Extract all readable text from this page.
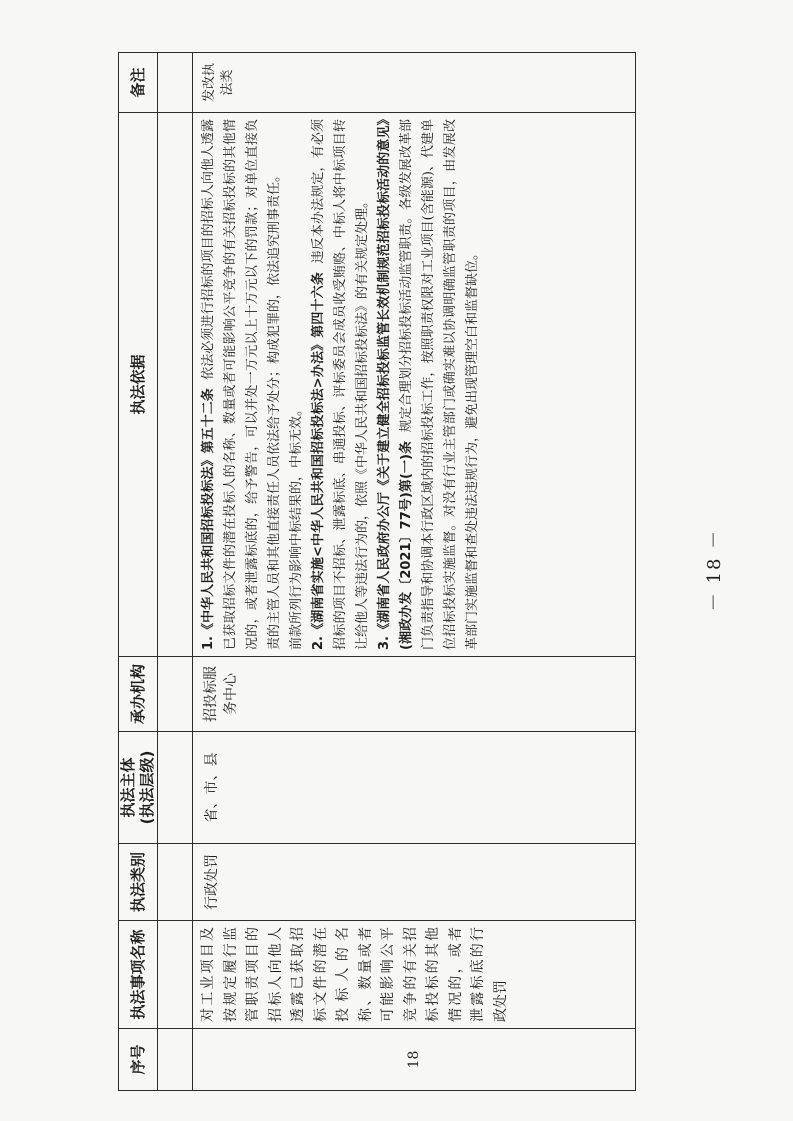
序号	执法事项名称	执法类别	执法主体 (执法层级)	承办机构	执法依据	备注

18	对工业项目及按规定履行监管职责项目的招标人向他人透露已获取招标文件的潜在投标人的名称、数量或者可能影响公平竞争的有关招标投标的其他情况的，或者泄露标底的行政处罚	行政处罚	省、市、县	招投标服务中心	1.《中华人民共和国招标投标法》第五十二条  依法必须进行招标的项目的招标人向他人透露已获取招标文件的潜在投标人的名称、数量或者可能影响公平竞争的有关招标投标的其他情况的，或者泄露标底的，给予警告，可以并处一万元以上十万元以下的罚款；对单位直接负责的主管人员和其他直接责任人员依法给予处分；构成犯罪的，依法追究刑事责任。 前款所列行为影响中标结果的，中标无效。 2.《湖南省实施<中华人民共和国招标投标法>办法》第四十六条  违反本办法规定，有必须招标的项目不招标、泄露标底、串通投标、评标委员会成员收受贿赂、中标人将中标项目转让给他人等违法行为的，依照《中华人民共和国招标投标法》的有关规定处理。 3.《湖南省人民政府办公厅《关于建立健全招标投标监管长效机制规范招标投标活动的意见》(湘政办发〔2021〕77号)第(一)条  规定合理划分招标投标活动监管职责。各级发展改革部门负责指导和协调本行政区域内的招标投标工作，按照职责权限对工业项目(含能源)、代建单位招标投标实施监督。对没有行业主管部门或确实难以协调明确监管职责的项目，由发展改革部门实施监督和查处违法违规行为，避免出现管理空白和监督缺位。	发改执法类
－ 18 －
